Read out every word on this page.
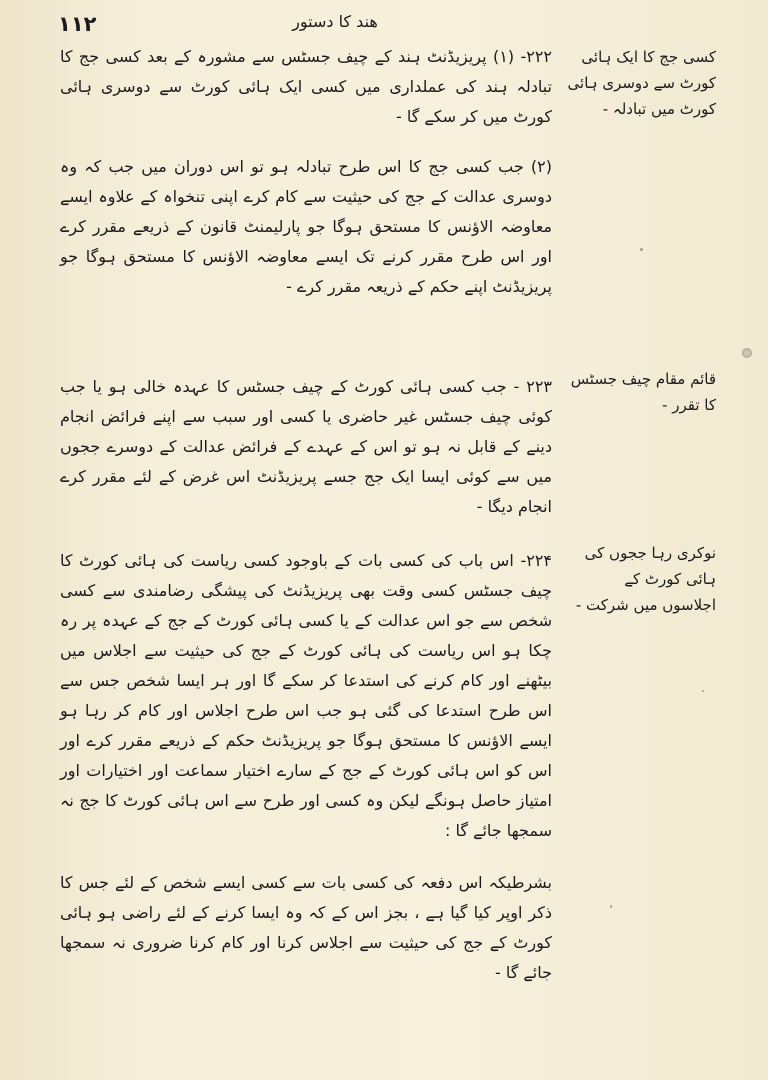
۱۱۲	هند کا دستور

۲۲۲- (۱) پریزیڈنٹ ہند کے چیف جسٹس سے مشورہ کے بعد کسی جج کا تبادلہ ہند کی عملداری میں کسی ایک ہائی کورٹ سے دوسری ہائی کورٹ میں کر سکے گا -

(۲) جب کسی جج کا اس طرح تبادلہ ہو تو اس دوران میں جب کہ وہ دوسری عدالت کے جج کی حیثیت سے کام کرے اپنی تنخواہ کے علاوہ ایسے معاوضہ الاؤنس کا مستحق ہوگا جو پارلیمنٹ قانون کے ذریعے مقرر کرے اور اس طرح مقرر کرنے تک ایسے معاوضہ الاؤنس کا مستحق ہوگا جو پریزیڈنٹ اپنے حکم کے ذریعہ مقرر کرے -

کسی جج کا ایک ہائی کورٹ سے دوسری ہائی کورٹ میں تبادلہ -

۲۲۳ - جب کسی ہائی کورٹ کے چیف جسٹس کا عہدہ خالی ہو یا جب کوئی چیف جسٹس غیر حاضری یا کسی اور سبب سے اپنے فرائض انجام دینے کے قابل نہ ہو تو اس کے عہدے کے فرائض عدالت کے دوسرے ججوں میں سے کوئی ایسا ایک جج جسے پریزیڈنٹ اس غرض کے لئے مقرر کرے انجام دیگا -

قائم مقام چیف جسٹس کا تقرر -

۲۲۴- اس باب کی کسی بات کے باوجود کسی ریاست کی ہائی کورٹ کا چیف جسٹس کسی وقت بھی پریزیڈنٹ کی پیشگی رضامندی سے کسی شخص سے جو اس عدالت کے یا کسی ہائی کورٹ کے جج کے عہدہ پر رہ چکا ہو اس ریاست کی ہائی کورٹ کے جج کی حیثیت سے اجلاس میں بیٹھنے اور کام کرنے کی استدعا کر سکے گا اور ہر ایسا شخص جس سے اس طرح استدعا کی گئی ہو جب اس طرح اجلاس اور کام کر رہا ہو ایسے الاؤنس کا مستحق ہوگا جو پریزیڈنٹ حکم کے ذریعے مقرر کرے اور اس کو اس ہائی کورٹ کے جج کے سارے اختیار سماعت اور اختیارات اور امتیاز حاصل ہونگے لیکن وہ کسی اور طرح سے اس ہائی کورٹ کا جج نہ سمجھا جائے گا :

بشرطیکہ اس دفعہ کی کسی بات سے کسی ایسے شخص کے لئے جس کا ذکر اوپر کیا گیا ہے ، بجز اس کے کہ وہ ایسا کرنے کے لئے راضی ہو ہائی کورٹ کے جج کی حیثیت سے اجلاس کرنا اور کام کرنا ضروری نہ سمجھا جائے گا -

نوکری رہا ججوں کی ہائی کورٹ کے اجلاسوں میں شرکت -
